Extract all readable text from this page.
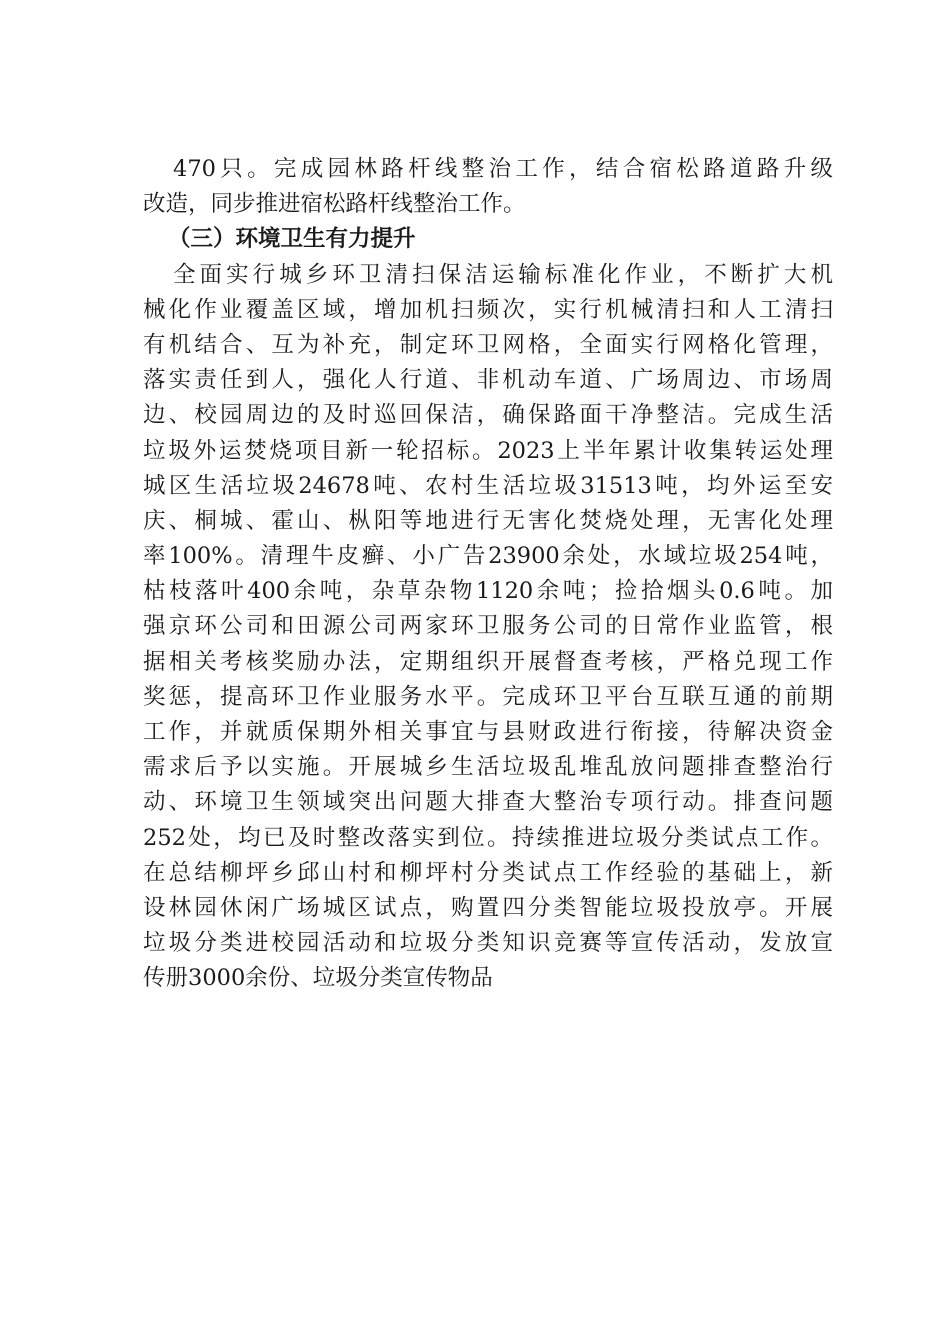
470只。完成园林路杆线整治工作，结合宿松路道路升级
改造，同步推进宿松路杆线整治工作。
（三）环境卫生有力提升
全面实行城乡环卫清扫保洁运输标准化作业，不断扩大机
械化作业覆盖区域，增加机扫频次，实行机械清扫和人工清扫
有机结合、互为补充，制定环卫网格，全面实行网格化管理，
落实责任到人，强化人行道、非机动车道、广场周边、市场周
边、校园周边的及时巡回保洁，确保路面干净整洁。完成生活
垃圾外运焚烧项目新一轮招标。2023上半年累计收集转运处理
城区生活垃圾24678吨、农村生活垃圾31513吨，均外运至安
庆、桐城、霍山、枞阳等地进行无害化焚烧处理，无害化处理
率100%。清理牛皮癣、小广告23900余处，水域垃圾254吨，
枯枝落叶400余吨，杂草杂物1120余吨；捡拾烟头0.6吨。加
强京环公司和田源公司两家环卫服务公司的日常作业监管，根
据相关考核奖励办法，定期组织开展督查考核，严格兑现工作
奖惩，提高环卫作业服务水平。完成环卫平台互联互通的前期
工作，并就质保期外相关事宜与县财政进行衔接，待解决资金
需求后予以实施。开展城乡生活垃圾乱堆乱放问题排查整治行
动、环境卫生领域突出问题大排查大整治专项行动。排查问题
252处，均已及时整改落实到位。持续推进垃圾分类试点工作。
在总结柳坪乡邱山村和柳坪村分类试点工作经验的基础上，新
设林园休闲广场城区试点，购置四分类智能垃圾投放亭。开展
垃圾分类进校园活动和垃圾分类知识竞赛等宣传活动，发放宣
传册3000余份、垃圾分类宣传物品
